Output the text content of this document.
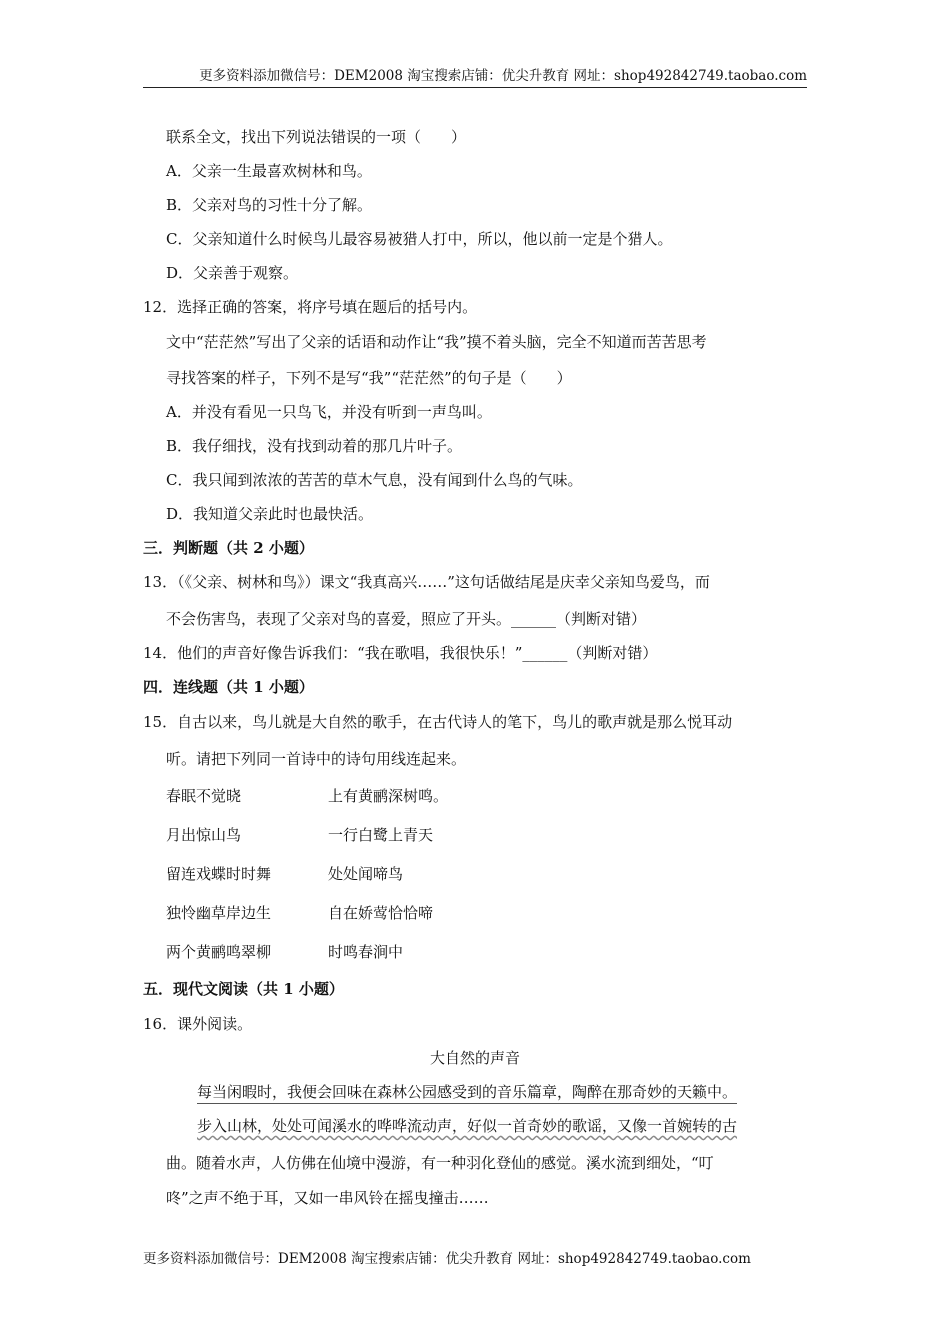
更多资料添加微信号：DEM2008 淘宝搜索店铺：优尖升教育 网址：shop492842749.taobao.com
联系全文，找出下列说法错误的一项（　　）
A．父亲一生最喜欢树林和鸟。
B．父亲对鸟的习性十分了解。
C．父亲知道什么时候鸟儿最容易被猎人打中，所以，他以前一定是个猎人。
D．父亲善于观察。
12．选择正确的答案，将序号填在题后的括号内。
文中“茫茫然”写出了父亲的话语和动作让“我”摸不着头脑，完全不知道而苦苦思考
寻找答案的样子，下列不是写“我”“茫茫然”的句子是（　　）
A．并没有看见一只鸟飞，并没有听到一声鸟叫。
B．我仔细找，没有找到动着的那几片叶子。
C．我只闻到浓浓的苦苦的草木气息，没有闻到什么鸟的气味。
D．我知道父亲此时也最快活。
三．判断题（共 2 小题）
13．（《父亲、树林和鸟》）课文“我真高兴……”这句话做结尾是庆幸父亲知鸟爱鸟，而
不会伤害鸟，表现了父亲对鸟的喜爱，照应了开头。______（判断对错）
14．他们的声音好像告诉我们：“我在歌唱，我很快乐！”______（判断对错）
四．连线题（共 1 小题）
15．自古以来，鸟儿就是大自然的歌手，在古代诗人的笔下，鸟儿的歌声就是那么悦耳动
听。请把下列同一首诗中的诗句用线连起来。
春眠不觉晓	上有黄鹂深树鸣。
月出惊山鸟	一行白鹭上青天
留连戏蝶时时舞	处处闻啼鸟
独怜幽草岸边生	自在娇莺恰恰啼
两个黄鹂鸣翠柳	时鸣春涧中
五．现代文阅读（共 1 小题）
16．课外阅读。
大自然的声音
每当闲暇时，我便会回味在森林公园感受到的音乐篇章，陶醉在那奇妙的天籁中。
步入山林，处处可闻溪水的哗哗流动声，好似一首奇妙的歌谣，又像一首婉转的古
曲。随着水声，人仿佛在仙境中漫游，有一种羽化登仙的感觉。溪水流到细处，“叮
咚”之声不绝于耳，又如一串风铃在摇曳撞击……
更多资料添加微信号：DEM2008 淘宝搜索店铺：优尖升教育 网址：shop492842749.taobao.com
